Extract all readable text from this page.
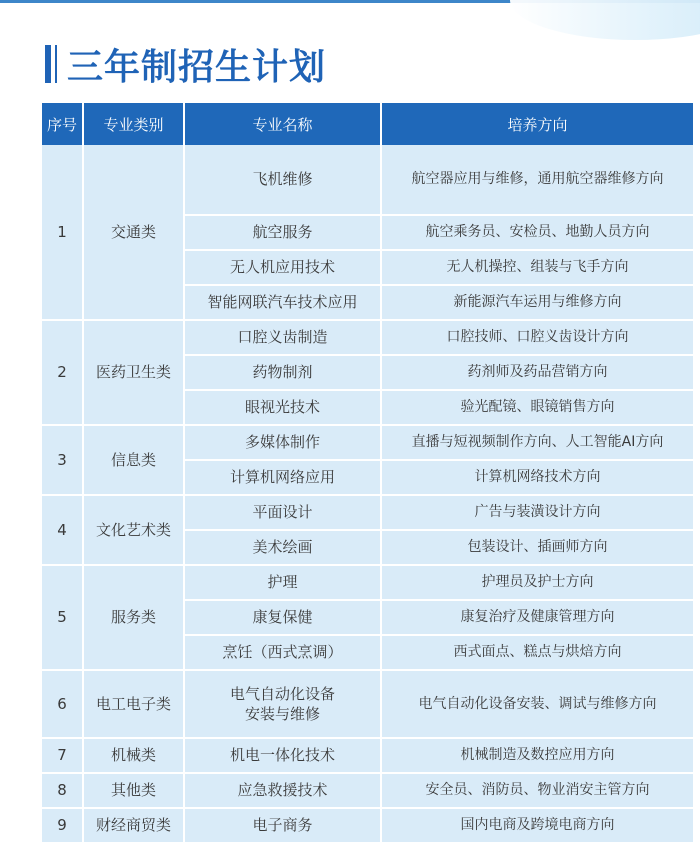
三年制招生计划
序号	专业类别	专业名称	培养方向
1	交通类	飞机维修	航空器应用与维修，通用航空器维修方向
		航空服务	航空乘务员、安检员、地勤人员方向
		无人机应用技术	无人机操控、组装与飞手方向
		智能网联汽车技术应用	新能源汽车运用与维修方向
2	医药卫生类	口腔义齿制造	口腔技师、口腔义齿设计方向
		药物制剂	药剂师及药品营销方向
		眼视光技术	验光配镜、眼镜销售方向
3	信息类	多媒体制作	直播与短视频制作方向、人工智能AI方向
		计算机网络应用	计算机网络技术方向
4	文化艺术类	平面设计	广告与装潢设计方向
		美术绘画	包装设计、插画师方向
5	服务类	护理	护理员及护士方向
		康复保健	康复治疗及健康管理方向
		烹饪（西式烹调）	西式面点、糕点与烘焙方向
6	电工电子类	电气自动化设备
安装与维修	电气自动化设备安装、调试与维修方向
7	机械类	机电一体化技术	机械制造及数控应用方向
8	其他类	应急救援技术	安全员、消防员、物业消安主管方向
9	财经商贸类	电子商务	国内电商及跨境电商方向
